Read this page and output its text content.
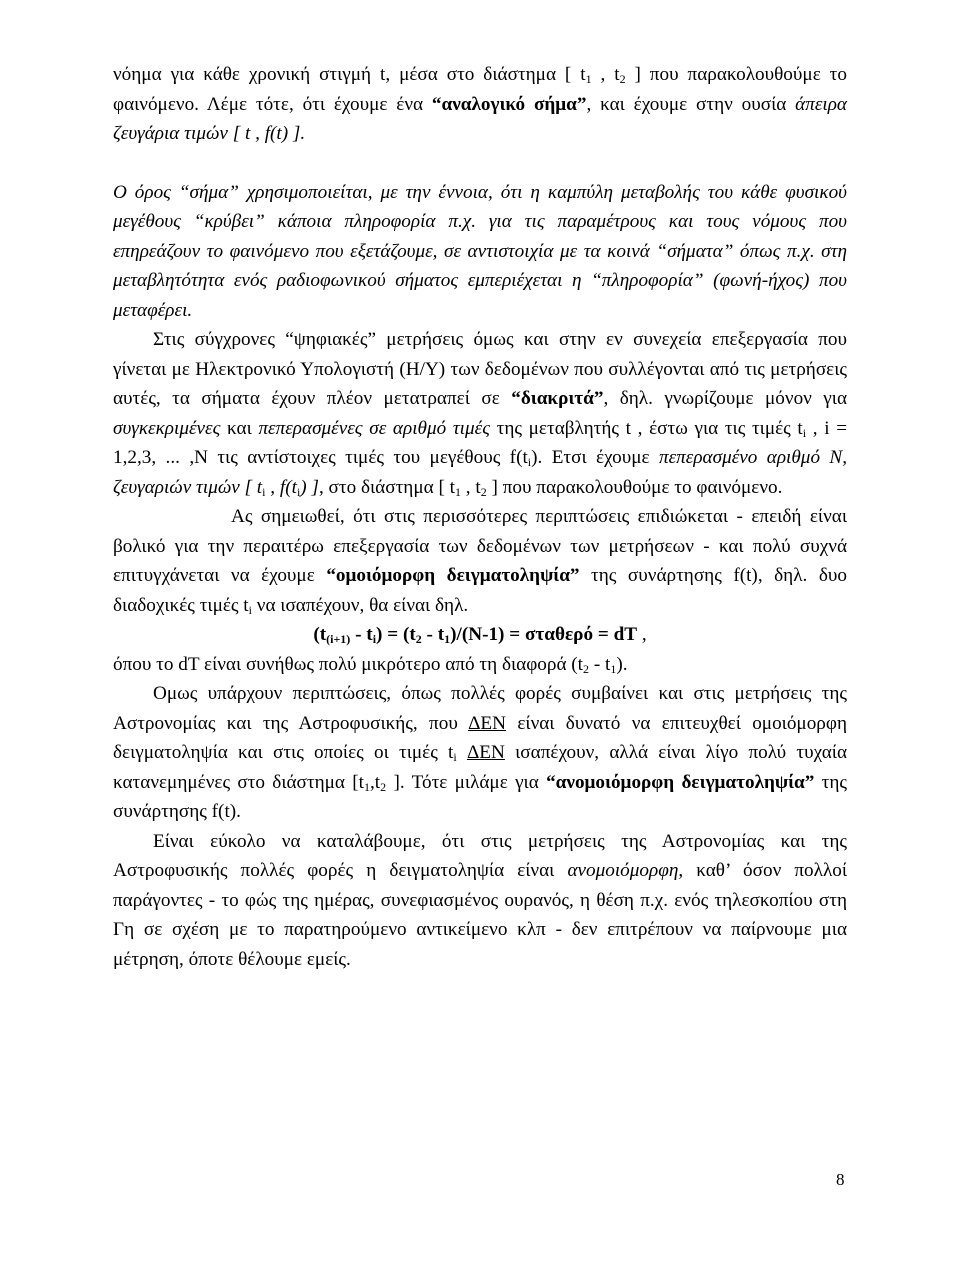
νόημα για κάθε χρονική στιγμή t, μέσα στο διάστημα [ $t_1$ , $t_2$ ] που παρακολουθούμε το φαινόμενο. Λέμε τότε, ότι έχουμε ένα “αναλογικό σήμα”, και έχουμε στην ουσία άπειρα ζευγάρια τιμών [ t , f(t) ].

Ο όρος “σήμα” χρησιμοποιείται, με την έννοια, ότι η καμπύλη μεταβολής του κάθε φυσικού μεγέθους “κρύβει” κάποια πληροφορία π.χ. για τις παραμέτρους και τους νόμους που επηρεάζουν το φαινόμενο που εξετάζουμε, σε αντιστοιχία με τα κοινά “σήματα” όπως π.χ. στη μεταβλητότητα ενός ραδιοφωνικού σήματος εμπεριέχεται η “πληροφορία” (φωνή-ήχος) που μεταφέρει.

Στις σύγχρονες “ψηφιακές” μετρήσεις όμως και στην εν συνεχεία επεξεργασία που γίνεται με Ηλεκτρονικό Υπολογιστή (Η/Υ) των δεδομένων που συλλέγονται από τις μετρήσεις αυτές, τα σήματα έχουν πλέον μετατραπεί σε “διακριτά”, δηλ. γνωρίζουμε μόνον για συγκεκριμένες και πεπερασμένες σε αριθμό τιμές της μεταβλητής t , έστω για τις τιμές $t_i$ , i = 1,2,3, ... ,N τις αντίστοιχες τιμές του μεγέθους $f(t_i)$. Ετσι έχουμε πεπερασμένο αριθμό Ν, ζευγαριών τιμών [ $t_i$ , $f(t_i)$ ], στο διάστημα [ $t_1$ , $t_2$ ] που παρακολουθούμε το φαινόμενο.

Ας σημειωθεί, ότι στις περισσότερες περιπτώσεις επιδιώκεται - επειδή είναι βολικό για την περαιτέρω επεξεργασία των δεδομένων των μετρήσεων - και πολύ συχνά επιτυγχάνεται να έχουμε “ομοιόμορφη δειγματοληψία” της συνάρτησης f(t), δηλ. δυο διαδοχικές τιμές $t_i$ να ισαπέχουν, θα είναι δηλ.

$(t_{(i+1)} - t_i) = (t_2 - t_1)/(N-1) = \sigma\tau\alpha\theta\varepsilon\rho ό$ = dT ,

όπου το dT είναι συνήθως πολύ μικρότερο από τη διαφορά $(t_2 - t_1)$.

Ομως υπάρχουν περιπτώσεις, όπως πολλές φορές συμβαίνει και στις μετρήσεις της Αστρονομίας και της Αστροφυσικής, που ΔΕΝ είναι δυνατό να επιτευχθεί ομοιόμορφη δειγματοληψία και στις οποίες οι τιμές $t_i$ ΔΕΝ ισαπέχουν, αλλά είναι λίγο πολύ τυχαία κατανεμημένες στο διάστημα [$t_1,t_2$ ]. Τότε μιλάμε για “ανομοιόμορφη δειγματοληψία” της συνάρτησης f(t).

Είναι εύκολο να καταλάβουμε, ότι στις μετρήσεις της Αστρονομίας και της Αστροφυσικής πολλές φορές η δειγματοληψία είναι ανομοιόμορφη, καθ’ όσον πολλοί παράγοντες - το φώς της ημέρας, συνεφιασμένος ουρανός, η θέση π.χ. ενός τηλεσκοπίου στη Γη σε σχέση με το παρατηρούμενο αντικείμενο κλπ - δεν επιτρέπουν να παίρνουμε μια μέτρηση, όποτε θέλουμε εμείς.

8
